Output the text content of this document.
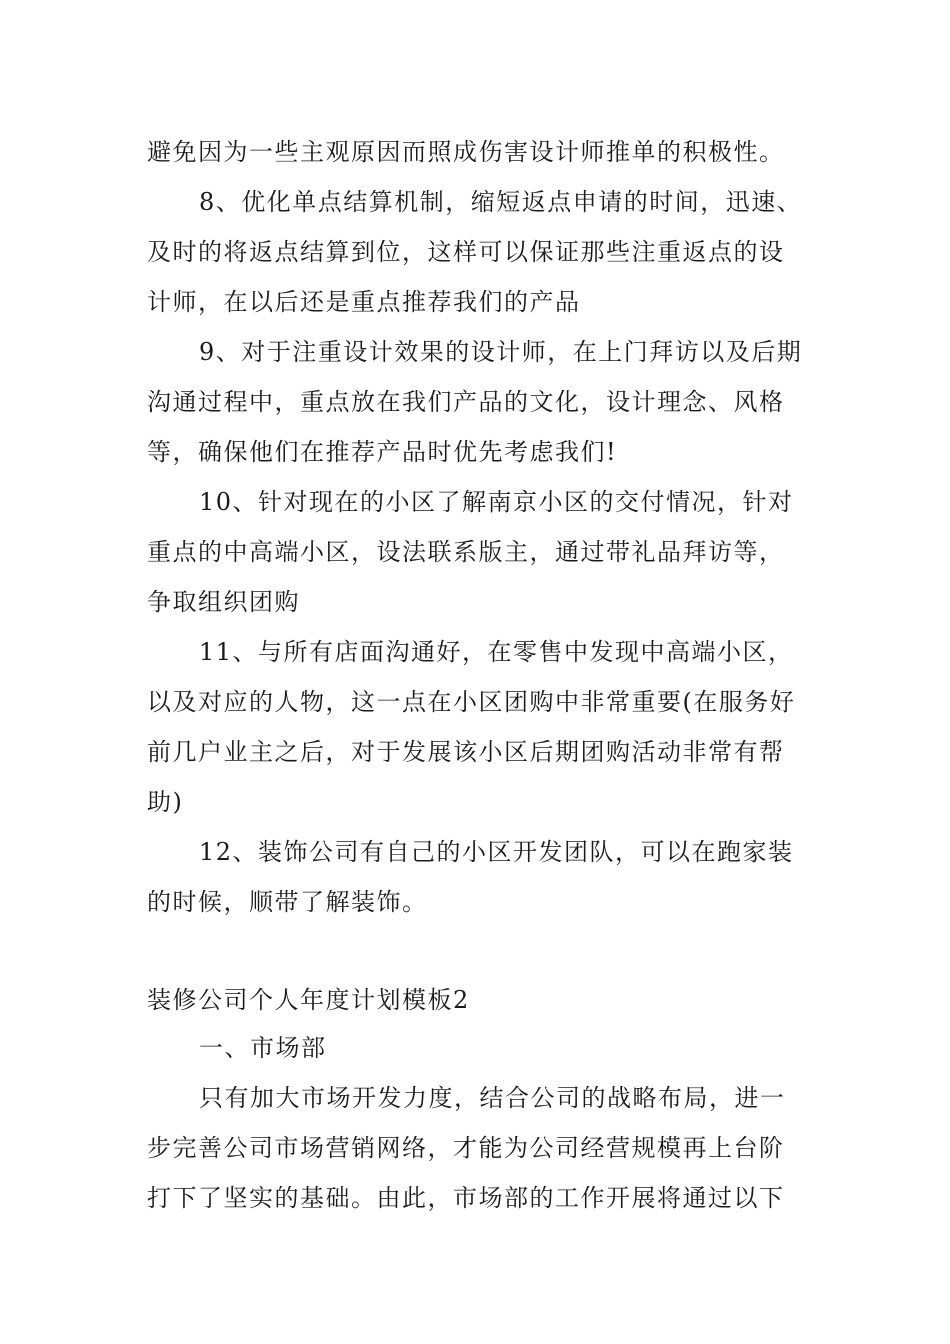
避免因为一些主观原因而照成伤害设计师推单的积极性。

8、优化单点结算机制，缩短返点申请的时间，迅速、及时的将返点结算到位，这样可以保证那些注重返点的设计师，在以后还是重点推荐我们的产品

9、对于注重设计效果的设计师，在上门拜访以及后期沟通过程中，重点放在我们产品的文化，设计理念、风格等，确保他们在推荐产品时优先考虑我们!

10、针对现在的小区了解南京小区的交付情况，针对重点的中高端小区，设法联系版主，通过带礼品拜访等，争取组织团购

11、与所有店面沟通好，在零售中发现中高端小区，以及对应的人物，这一点在小区团购中非常重要(在服务好前几户业主之后，对于发展该小区后期团购活动非常有帮助)

12、装饰公司有自己的小区开发团队，可以在跑家装的时候，顺带了解装饰。

装修公司个人年度计划模板2
一、市场部

只有加大市场开发力度，结合公司的战略布局，进一步完善公司市场营销网络，才能为公司经营规模再上台阶打下了坚实的基础。由此，市场部的工作开展将通过以下
